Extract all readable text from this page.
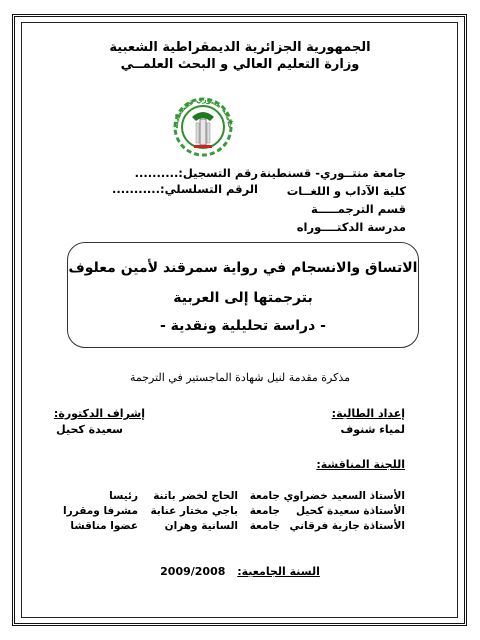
الجمهورية الجزائرية الديمقراطية الشعبية
وزارة التعليم العالي و البحث العلمــي
جامعة منتوري قسنطينة
جامعة منتــوري- قسنطينة
كلية الآداب و اللغــات
قسم الترجمـــــة
مدرسة الدكتــــوراه
رقم التسجيل:..........
الرقم التسلسلي:...........
الاتساق والانسجام في رواية سمرقند لأمين معلوف
بترجمتها إلى العربية
- دراسة تحليلية ونقدية -
مذكرة مقدمة لنيل شهادة الماجستير في الترجمة
إعداد الطالبة:
لمياء شنوف
إشراف الدكتورة:
سعيدة كحيل
اللجنة المناقشة:
الأستاذ السعيد خضراويجامعةالحاج لخضر باتنةرئيسا
الأستاذة سعيدة كحيلجامعةباجي مختار عنابةمشرفا ومقررا
الأستاذة جازية فرقانيجامعةالسانية وهرانعضوا مناقشا
السنة الجامعية: 2009/2008
